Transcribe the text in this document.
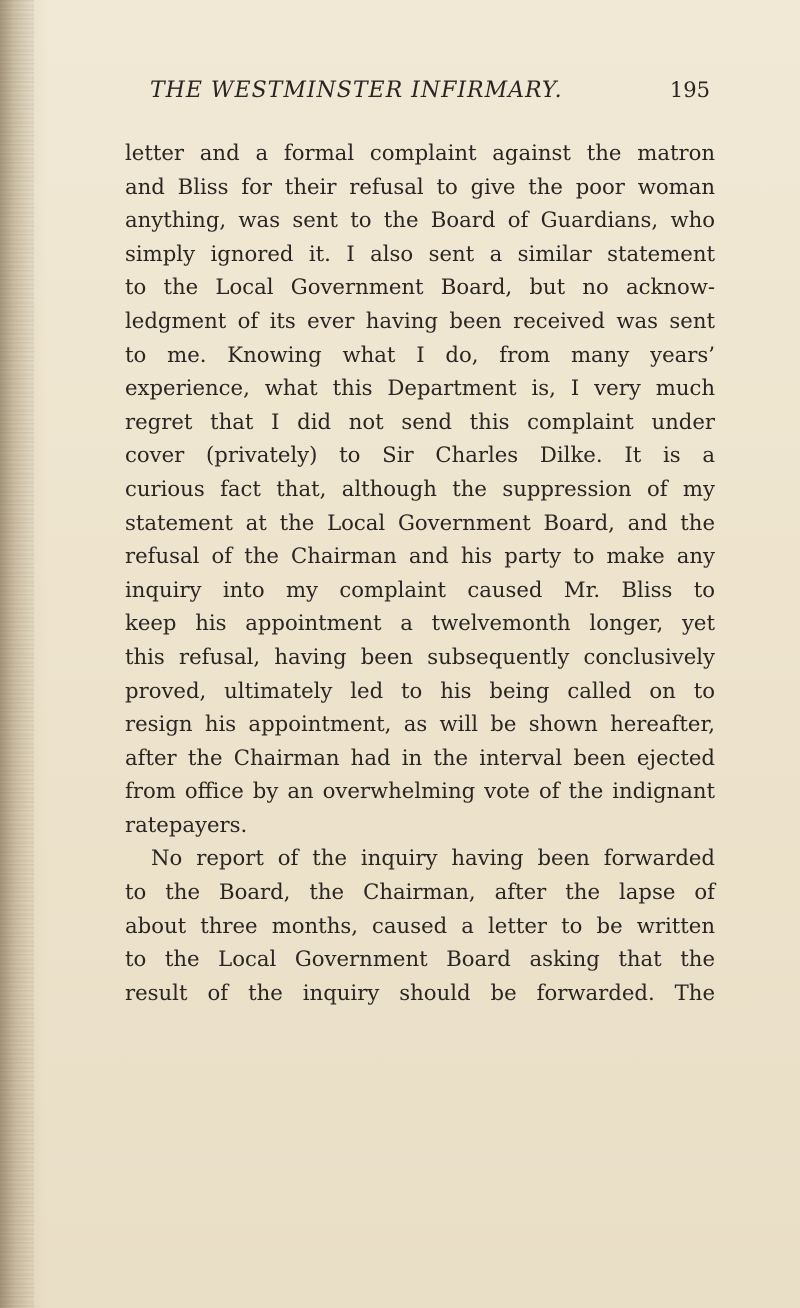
THE WESTMINSTER INFIRMARY.	195
letter and a formal complaint against the matron
and Bliss for their refusal to give the poor woman
anything, was sent to the Board of Guardians, who
simply ignored it. I also sent a similar statement
to the Local Government Board, but no acknow-
ledgment of its ever having been received was sent
to me. Knowing what I do, from many years’
experience, what this Department is, I very much
regret that I did not send this complaint under
cover (privately) to Sir Charles Dilke. It is a
curious fact that, although the suppression of my
statement at the Local Government Board, and the
refusal of the Chairman and his party to make any
inquiry into my complaint caused Mr. Bliss to
keep his appointment a twelvemonth longer, yet
this refusal, having been subsequently conclusively
proved, ultimately led to his being called on to
resign his appointment, as will be shown hereafter,
after the Chairman had in the interval been ejected
from office by an overwhelming vote of the indignant
ratepayers.
No report of the inquiry having been forwarded
to the Board, the Chairman, after the lapse of
about three months, caused a letter to be written
to the Local Government Board asking that the
result of the inquiry should be forwarded. The
